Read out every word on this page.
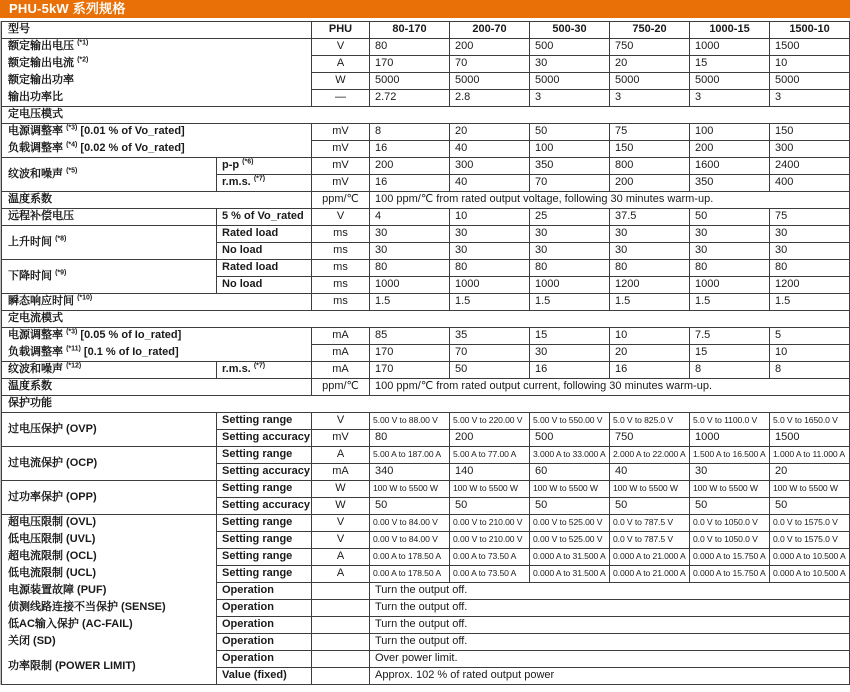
PHU-5kW 系列规格
型号		PHU	80-170	200-70	500-30	750-20	1000-15	1500-10
额定输出电压 $^{(*1)}$		V	80	200	500	750	1000	1500
额定输出电流 $^{(*2)}$		A	170	70	30	20	15	10
额定输出功率		W	5000	5000	5000	5000	5000	5000
输出功率比		—	2.72	2.8	3	3	3	3
定电压模式								
电源调整率 $^{(*3)}$ [0.01 % of Vo_rated]		mV	8	20	50	75	100	150
负载调整率 $^{(*4)}$ [0.02 % of Vo_rated]		mV	16	40	100	150	200	300
纹波和噪声 $^{(*5)}$	p-p $^{(*6)}$	mV	200	300	350	800	1600	2400
	r.m.s. $^{(*7)}$	mV	16	40	70	200	350	400
温度系数		ppm/℃	100 ppm/℃ from rated output voltage, following 30 minutes warm-up.					
远程补偿电压	5 % of Vo_rated	V	4	10	25	37.5	50	75
上升时间 $^{(*8)}$	Rated load	ms	30	30	30	30	30	30
	No load	ms	30	30	30	30	30	30
下降时间 $^{(*9)}$	Rated load	ms	80	80	80	80	80	80
	No load	ms	1000	1000	1000	1200	1000	1200
瞬态响应时间 $^{(*10)}$		ms	1.5	1.5	1.5	1.5	1.5	1.5
定电流模式								
电源调整率 $^{(*3)}$ [0.05 % of Io_rated]		mA	85	35	15	10	7.5	5
负载调整率 $^{(*11)}$ [0.1 % of Io_rated]		mA	170	70	30	20	15	10
纹波和噪声 $^{(*12)}$	r.m.s. $^{(*7)}$	mA	170	50	16	16	8	8
温度系数		ppm/℃	100 ppm/℃ from rated output current, following 30 minutes warm-up.					
保护功能								
过电压保护 (OVP)	Setting range	V	5.00 V to 88.00 V	5.00 V to 220.00 V	5.00 V to 550.00 V	5.0 V to 825.0 V	5.0 V to 1100.0 V	5.0 V to 1650.0 V
	Setting accuracy	mV	80	200	500	750	1000	1500
过电流保护 (OCP)	Setting range	A	5.00 A to 187.00 A	5.00 A to 77.00 A	3.000 A to 33.000 A	2.000 A to 22.000 A	1.500 A to 16.500 A	1.000 A to 11.000 A
	Setting accuracy	mA	340	140	60	40	30	20
过功率保护 (OPP)	Setting range	W	100 W to 5500 W	100 W to 5500 W	100 W to 5500 W	100 W to 5500 W	100 W to 5500 W	100 W to 5500 W
	Setting accuracy	W	50	50	50	50	50	50
超电压限制 (OVL)	Setting range	V	0.00 V to 84.00 V	0.00 V to 210.00 V	0.00 V to 525.00 V	0.0 V to 787.5 V	0.0 V to 1050.0 V	0.0 V to 1575.0 V
低电压限制 (UVL)	Setting range	V	0.00 V to 84.00 V	0.00 V to 210.00 V	0.00 V to 525.00 V	0.0 V to 787.5 V	0.0 V to 1050.0 V	0.0 V to 1575.0 V
超电流限制 (OCL)	Setting range	A	0.00 A to 178.50 A	0.00 A to 73.50 A	0.000 A to 31.500 A	0.000 A to 21.000 A	0.000 A to 15.750 A	0.000 A to 10.500 A
低电流限制 (UCL)	Setting range	A	0.00 A to 178.50 A	0.00 A to 73.50 A	0.000 A to 31.500 A	0.000 A to 21.000 A	0.000 A to 15.750 A	0.000 A to 10.500 A
电源装置故障 (PUF)	Operation		Turn the output off.					
侦测线路连接不当保护 (SENSE)	Operation		Turn the output off.					
低AC输入保护 (AC-FAIL)	Operation		Turn the output off.					
关闭 (SD)	Operation		Turn the output off.					
功率限制 (POWER LIMIT)	Operation		Over power limit.					
	Value (fixed)		Approx. 102 % of rated output power					
